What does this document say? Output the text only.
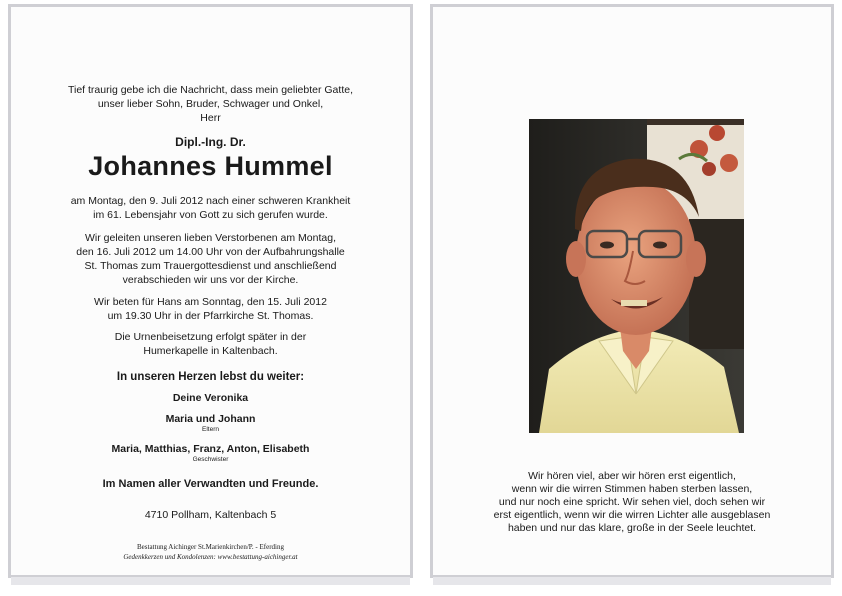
Tief traurig gebe ich die Nachricht, dass mein geliebter Gatte,
unser lieber Sohn, Bruder, Schwager und Onkel,
Herr
Dipl.-Ing. Dr.
Johannes Hummel
am Montag, den 9. Juli 2012 nach einer schweren Krankheit
im 61. Lebensjahr von Gott zu sich gerufen wurde.
Wir geleiten unseren lieben Verstorbenen am Montag,
den 16. Juli 2012 um 14.00 Uhr von der Aufbahrungshalle
St. Thomas zum Trauergottesdienst und anschließend
verabschieden wir uns vor der Kirche.
Wir beten für Hans am Sonntag, den 15. Juli 2012
um 19.30 Uhr in der Pfarrkirche St. Thomas.
Die Urnenbeisetzung erfolgt später in der
Humerkapelle in Kaltenbach.
In unseren Herzen lebst du weiter:
Deine Veronika
Maria und Johann
Eltern
Maria, Matthias, Franz, Anton, Elisabeth
Geschwister
Im Namen aller Verwandten und Freunde.
4710 Pollham, Kaltenbach 5
Bestattung Aichinger St.Marienkirchen/P. - Eferding
Gedenkkerzen und Kondolenzen: www.bestattung-aichinger.at
Wir hören viel, aber wir hören erst eigentlich,
wenn wir die wirren Stimmen haben sterben lassen,
und nur noch eine spricht. Wir sehen viel, doch sehen wir
erst eigentlich, wenn wir die wirren Lichter alle ausgeblasen
haben und nur das klare, große in der Seele leuchtet.
